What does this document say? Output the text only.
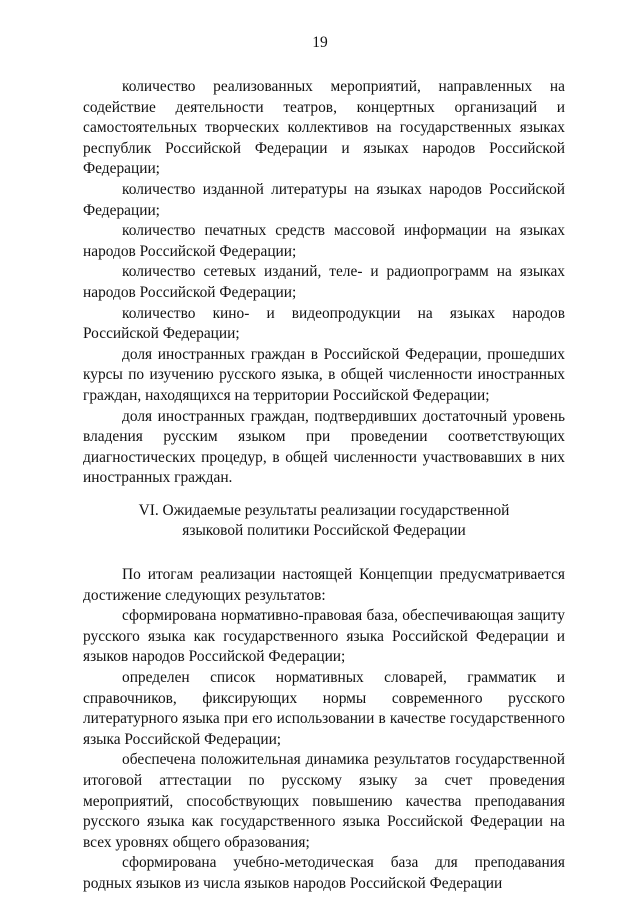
19

количество реализованных мероприятий, направленных на содействие деятельности театров, концертных организаций и самостоятельных творческих коллективов на государственных языках республик Российской Федерации и языках народов Российской Федерации;

количество изданной литературы на языках народов Российской Федерации;

количество печатных средств массовой информации на языках народов Российской Федерации;

количество сетевых изданий, теле- и радиопрограмм на языках народов Российской Федерации;

количество кино- и видеопродукции на языках народов Российской Федерации;

доля иностранных граждан в Российской Федерации, прошедших курсы по изучению русского языка, в общей численности иностранных граждан, находящихся на территории Российской Федерации;

доля иностранных граждан, подтвердивших достаточный уровень владения русским языком при проведении соответствующих диагностических процедур, в общей численности участвовавших в них иностранных граждан.

VI. Ожидаемые результаты реализации государственной
языковой политики Российской Федерации

По итогам реализации настоящей Концепции предусматривается достижение следующих результатов:

сформирована нормативно-правовая база, обеспечивающая защиту русского языка как государственного языка Российской Федерации и языков народов Российской Федерации;

определен список нормативных словарей, грамматик и справочников, фиксирующих нормы современного русского литературного языка при его использовании в качестве государственного языка Российской Федерации;

обеспечена положительная динамика результатов государственной итоговой аттестации по русскому языку за счет проведения мероприятий, способствующих повышению качества преподавания русского языка как государственного языка Российской Федерации на всех уровнях общего образования;

сформирована учебно-методическая база для преподавания родных языков из числа языков народов Российской Федерации
